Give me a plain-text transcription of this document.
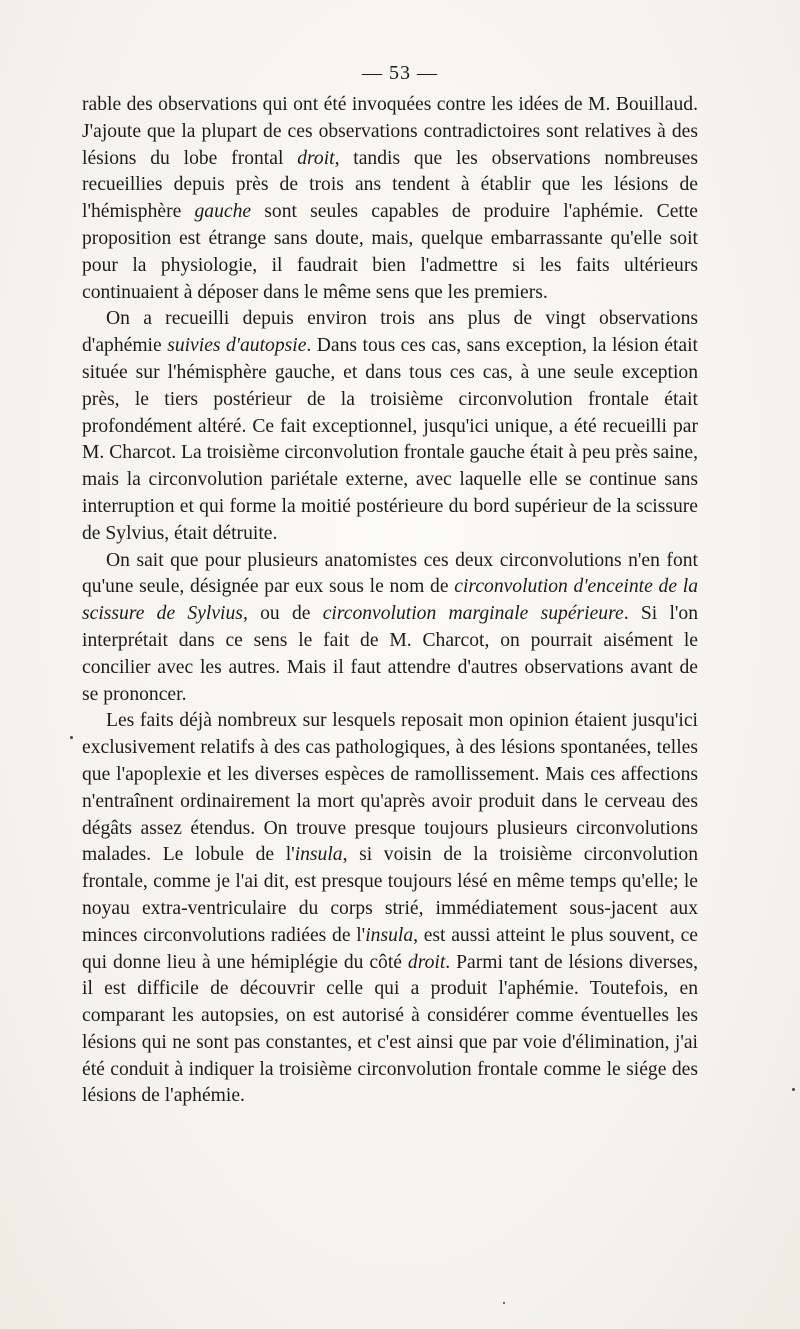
— 53 —

rable des observations qui ont été invoquées contre les idées de M. Bouillaud. J'ajoute que la plupart de ces observations contradictoires sont relatives à des lésions du lobe frontal droit, tandis que les observations nombreuses recueillies depuis près de trois ans tendent à établir que les lésions de l'hémisphère gauche sont seules capables de produire l'aphémie. Cette proposition est étrange sans doute, mais, quelque embarrassante qu'elle soit pour la physiologie, il faudrait bien l'admettre si les faits ultérieurs continuaient à déposer dans le même sens que les premiers.

On a recueilli depuis environ trois ans plus de vingt observations d'aphémie suivies d'autopsie. Dans tous ces cas, sans exception, la lésion était située sur l'hémisphère gauche, et dans tous ces cas, à une seule exception près, le tiers postérieur de la troisième circonvolution frontale était profondément altéré. Ce fait exceptionnel, jusqu'ici unique, a été recueilli par M. Charcot. La troisième circonvolution frontale gauche était à peu près saine, mais la circonvolution pariétale externe, avec laquelle elle se continue sans interruption et qui forme la moitié postérieure du bord supérieur de la scissure de Sylvius, était détruite.

On sait que pour plusieurs anatomistes ces deux circonvolutions n'en font qu'une seule, désignée par eux sous le nom de circonvolution d'enceinte de la scissure de Sylvius, ou de circonvolution marginale supérieure. Si l'on interprétait dans ce sens le fait de M. Charcot, on pourrait aisément le concilier avec les autres. Mais il faut attendre d'autres observations avant de se prononcer.

Les faits déjà nombreux sur lesquels reposait mon opinion étaient jusqu'ici exclusivement relatifs à des cas pathologiques, à des lésions spontanées, telles que l'apoplexie et les diverses espèces de ramollissement. Mais ces affections n'entraînent ordinairement la mort qu'après avoir produit dans le cerveau des dégâts assez étendus. On trouve presque toujours plusieurs circonvolutions malades. Le lobule de l'insula, si voisin de la troisième circonvolution frontale, comme je l'ai dit, est presque toujours lésé en même temps qu'elle; le noyau extra-ventriculaire du corps strié, immédiatement sous-jacent aux minces circonvolutions radiées de l'insula, est aussi atteint le plus souvent, ce qui donne lieu à une hémiplégie du côté droit. Parmi tant de lésions diverses, il est difficile de découvrir celle qui a produit l'aphémie. Toutefois, en comparant les autopsies, on est autorisé à considérer comme éventuelles les lésions qui ne sont pas constantes, et c'est ainsi que par voie d'élimination, j'ai été conduit à indiquer la troisième circonvolution frontale comme le siége des lésions de l'aphémie.
